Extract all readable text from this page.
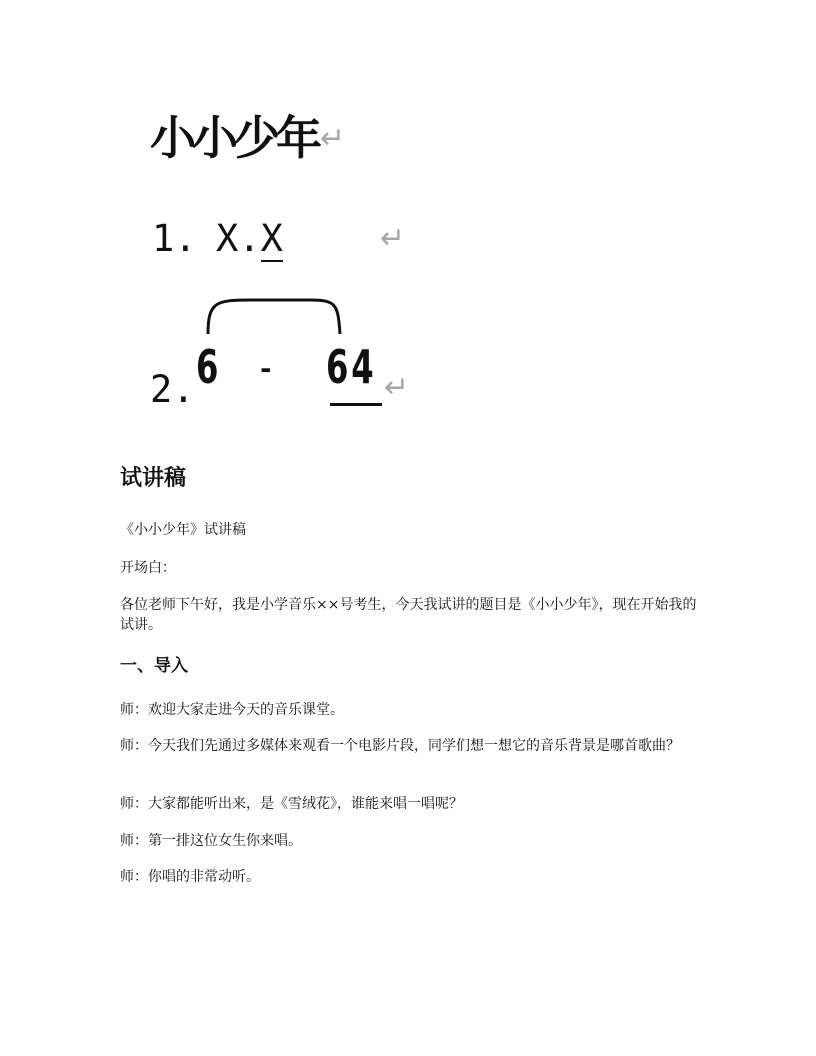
小小少年↵
1. X.X	↵
2. 6 - 64 ↵
试讲稿

《小小少年》试讲稿

开场白：

各位老师下午好，我是小学音乐××号考生，今天我试讲的题目是《小小少年》，现在开始我的试讲。

一、导入

师：欢迎大家走进今天的音乐课堂。

师：今天我们先通过多媒体来观看一个电影片段，同学们想一想它的音乐背景是哪首歌曲？

师：大家都能听出来，是《雪绒花》，谁能来唱一唱呢？

师：第一排这位女生你来唱。

师：你唱的非常动听。
